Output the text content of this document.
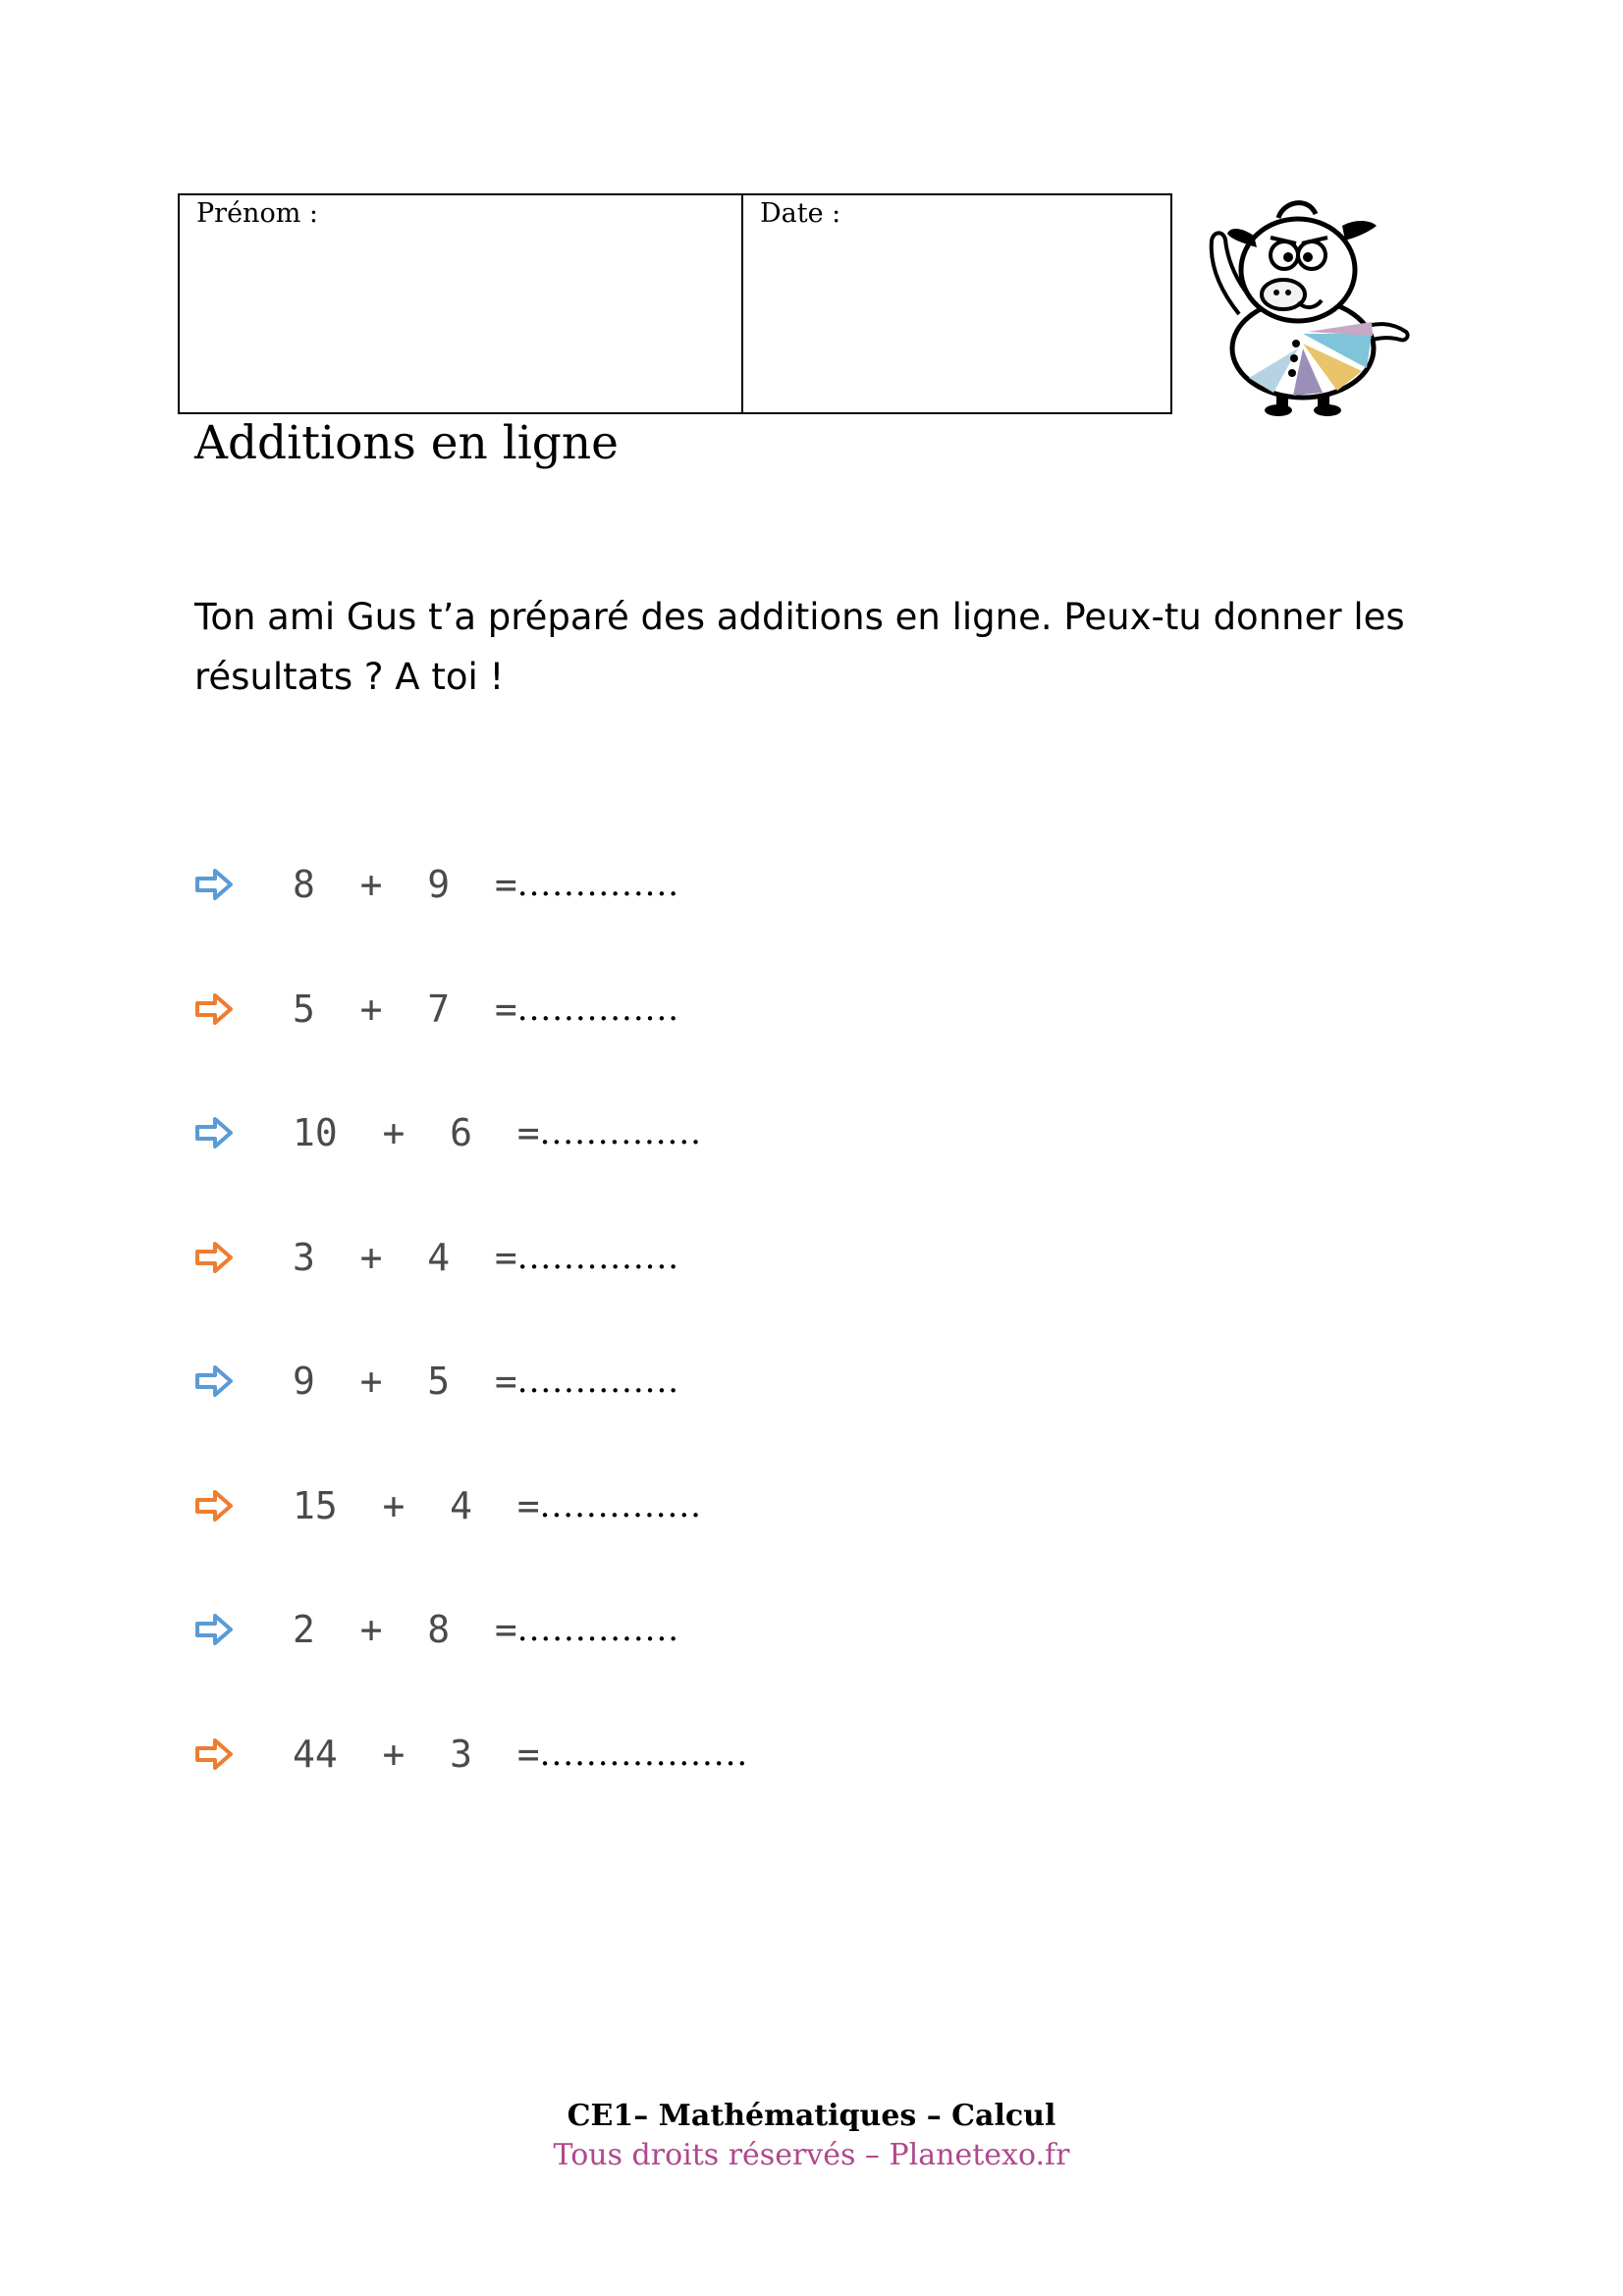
Prénom :	Date :
Additions en ligne
Ton ami Gus t’a préparé des additions en ligne. Peux-tu donner les résultats ? A toi !
8  +  9  = ..............
5  +  7  = ..............
10  +  6  = ..............
3  +  4  = ..............
9  +  5  = ..............
15  +  4  = ..............
2  +  8  = ..............
44  +  3  = ..................
CE1– Mathématiques – Calcul
Tous droits réservés – Planetexo.fr
